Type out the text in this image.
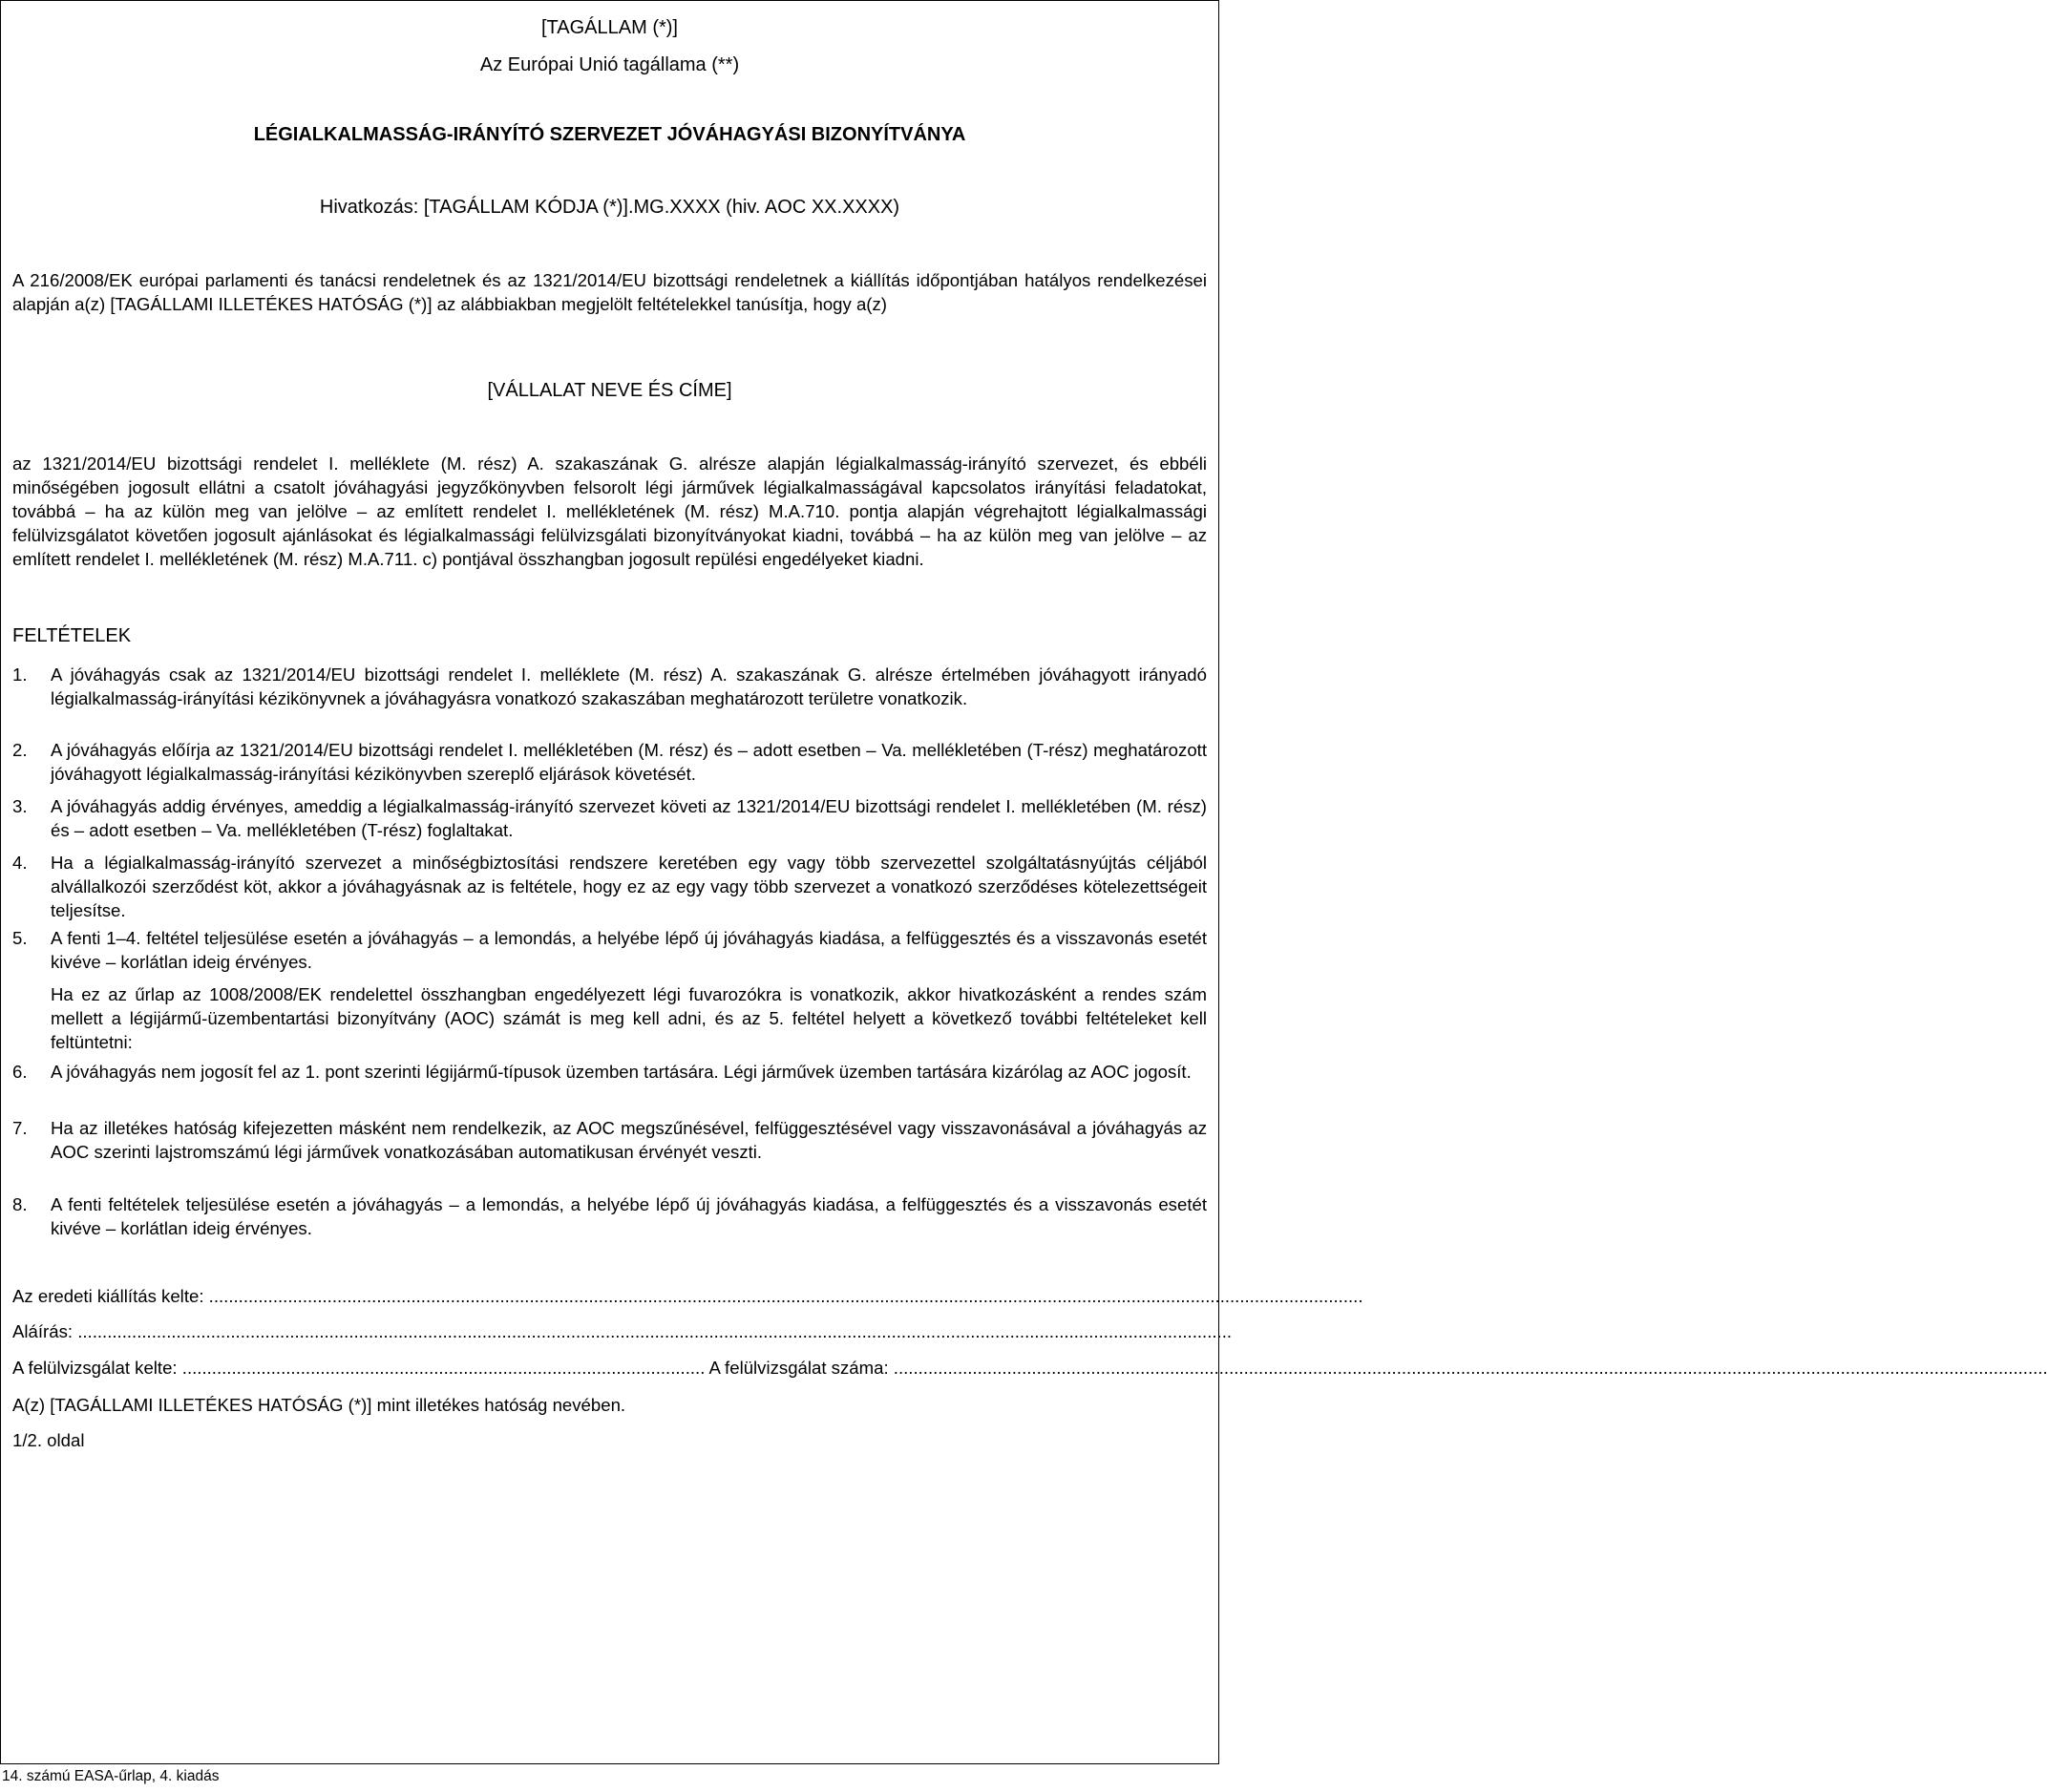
[TAGÁLLAM (*)]
Az Európai Unió tagállama (**)
LÉGIALKALMASSÁG-IRÁNYÍTÓ SZERVEZET JÓVÁHAGYÁSI BIZONYÍTVÁNYA
Hivatkozás: [TAGÁLLAM KÓDJA (*)].MG.XXXX (hiv. AOC XX.XXXX)
A 216/2008/EK európai parlamenti és tanácsi rendeletnek és az 1321/2014/EU bizottsági rendeletnek a kiállítás időpontjában hatályos rendelkezései alapján a(z) [TAGÁLLAMI ILLETÉKES HATÓSÁG (*)] az alábbiakban megjelölt feltételekkel tanúsítja, hogy a(z)
[VÁLLALAT NEVE ÉS CÍME]
az 1321/2014/EU bizottsági rendelet I. melléklete (M. rész) A. szakaszának G. alrésze alapján légialkalmasság-irányító szervezet, és ebbéli minőségében jogosult ellátni a csatolt jóváhagyási jegyzőkönyvben felsorolt légi járművek légialkalmasságával kapcsolatos irányítási feladatokat, továbbá – ha az külön meg van jelölve – az említett rendelet I. mellékletének (M. rész) M.A.710. pontja alapján végrehajtott légialkalmassági felülvizsgálatot követően jogosult ajánlásokat és légialkalmassági felülvizsgálati bizonyítványokat kiadni, továbbá – ha az külön meg van jelölve – az említett rendelet I. mellékletének (M. rész) M.A.711. c) pontjával összhangban jogosult repülési engedélyeket kiadni.
FELTÉTELEK
1.	A jóváhagyás csak az 1321/2014/EU bizottsági rendelet I. melléklete (M. rész) A. szakaszának G. alrésze értelmében jóváhagyott irányadó légialkalmasság-irányítási kézikönyvnek a jóváhagyásra vonatkozó szakaszában meghatározott területre vonatkozik.
2.	A jóváhagyás előírja az 1321/2014/EU bizottsági rendelet I. mellékletében (M. rész) és – adott esetben – Va. mellékletében (T-rész) meghatározott jóváhagyott légialkalmasság-irányítási kézikönyvben szereplő eljárások követését.
3.	A jóváhagyás addig érvényes, ameddig a légialkalmasság-irányító szervezet követi az 1321/2014/EU bizottsági rendelet I. mellékletében (M. rész) és – adott esetben – Va. mellékletében (T-rész) foglaltakat.
4.	Ha a légialkalmasság-irányító szervezet a minőségbiztosítási rendszere keretében egy vagy több szervezettel szolgáltatásnyújtás céljából alvállalkozói szerződést köt, akkor a jóváhagyásnak az is feltétele, hogy ez az egy vagy több szervezet a vonatkozó szerződéses kötelezettségeit teljesítse.
5.	A fenti 1–4. feltétel teljesülése esetén a jóváhagyás – a lemondás, a helyébe lépő új jóváhagyás kiadása, a felfüggesztés és a visszavonás esetét kivéve – korlátlan ideig érvényes.
Ha ez az űrlap az 1008/2008/EK rendelettel összhangban engedélyezett légi fuvarozókra is vonatkozik, akkor hivatkozásként a rendes szám mellett a légijármű-üzembentartási bizonyítvány (AOC) számát is meg kell adni, és az 5. feltétel helyett a következő további feltételeket kell feltüntetni:
6.	A jóváhagyás nem jogosít fel az 1. pont szerinti légijármű-típusok üzemben tartására. Légi járművek üzemben tartására kizárólag az AOC jogosít.
7.	Ha az illetékes hatóság kifejezetten másként nem rendelkezik, az AOC megszűnésével, felfüggesztésével vagy visszavonásával a jóváhagyás az AOC szerinti lajstromszámú légi járművek vonatkozásában automatikusan érvényét veszti.
8.	A fenti feltételek teljesülése esetén a jóváhagyás – a lemondás, a helyébe lépő új jóváhagyás kiadása, a felfüggesztés és a visszavonás esetét kivéve – korlátlan ideig érvényes.
Az eredeti kiállítás kelte: ..........................................................................................................................................................................................................................................
Aláírás: ..........................................................................................................................................................................................................................................
A felülvizsgálat kelte: .......................................................................................................... A felülvizsgálat száma: ..........................................................................................................................................................................................................................................
A(z) [TAGÁLLAMI ILLETÉKES HATÓSÁG (*)] mint illetékes hatóság nevében.
1/2. oldal
14. számú EASA-űrlap, 4. kiadás
